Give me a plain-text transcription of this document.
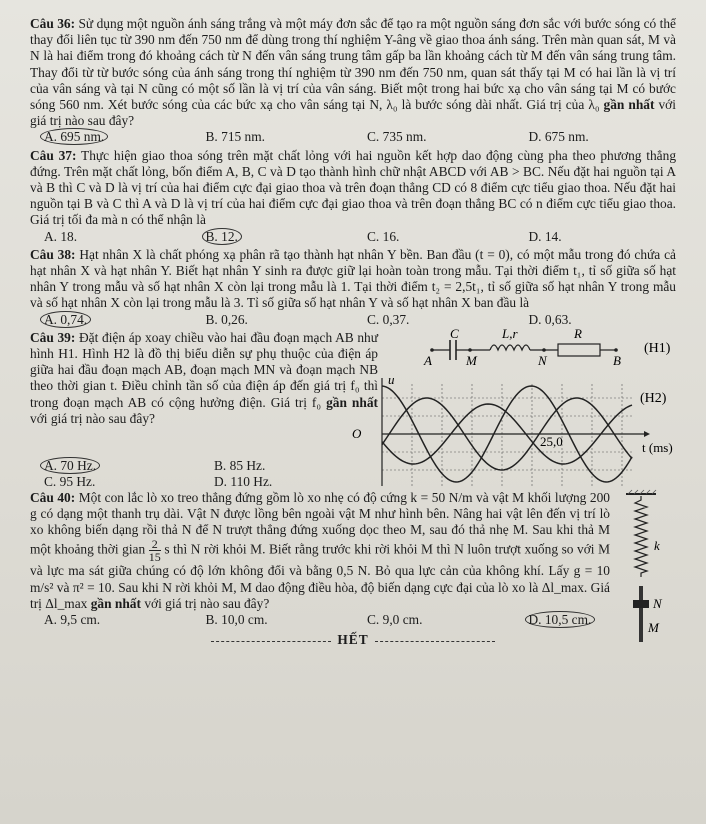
Câu 36: Sử dụng một nguồn ánh sáng trắng và một máy đơn sắc để tạo ra một nguồn sáng đơn sắc với bước sóng có thể thay đổi liên tục từ 390 nm đến 750 nm để dùng trong thí nghiệm Y-âng về giao thoa ánh sáng. Trên màn quan sát, M và N là hai điểm trong đó khoảng cách từ N đến vân sáng trung tâm gấp ba lần khoảng cách từ M đến vân sáng trung tâm. Thay đổi từ từ bước sóng của ánh sáng trong thí nghiệm từ 390 nm đến 750 nm, quan sát thấy tại M có hai lần là vị trí của vân sáng và tại N cũng có một số lần là vị trí của vân sáng. Biết một trong hai bức xạ cho vân sáng tại M có bước sóng 560 nm. Xét bước sóng của các bức xạ cho vân sáng tại N, λ₀ là bước sóng dài nhất. Giá trị của λ₀ gần nhất với giá trị nào sau đây?
A. 695 nm.	B. 715 nm.	C. 735 nm.	D. 675 nm.
Câu 37: Thực hiện giao thoa sóng trên mặt chất lỏng với hai nguồn kết hợp dao động cùng pha theo phương thẳng đứng. Trên mặt chất lỏng, bốn điểm A, B, C và D tạo thành hình chữ nhật ABCD với AB > BC. Nếu đặt hai nguồn tại A và B thì C và D là vị trí của hai điểm cực đại giao thoa và trên đoạn thẳng CD có 8 điểm cực tiểu giao thoa. Nếu đặt hai nguồn tại B và C thì A và D là vị trí của hai điểm cực đại giao thoa và trên đoạn thẳng BC có n điểm cực tiểu giao thoa. Giá trị tối đa mà n có thể nhận là
A. 18.	B. 12.	C. 16.	D. 14.
Câu 38: Hạt nhân X là chất phóng xạ phân rã tạo thành hạt nhân Y bền. Ban đầu (t = 0), có một mẫu trong đó chứa cả hạt nhân X và hạt nhân Y. Biết hạt nhân Y sinh ra được giữ lại hoàn toàn trong mẫu. Tại thời điểm t₁, tỉ số giữa số hạt nhân Y trong mẫu và số hạt nhân X còn lại trong mẫu là 1. Tại thời điểm t₂ = 2,5t₁, tỉ số giữa số hạt nhân Y trong mẫu và số hạt nhân X còn lại trong mẫu là 3. Tỉ số giữa số hạt nhân Y và số hạt nhân X ban đầu là
A. 0,74.	B. 0,26.	C. 0,37.	D. 0,63.
Câu 39: Đặt điện áp xoay chiều vào hai đầu đoạn mạch AB như hình H1. Hình H2 là đồ thị biểu diễn sự phụ thuộc của điện áp giữa hai đầu đoạn mạch AB, đoạn mạch MN và đoạn mạch NB theo thời gian t. Điều chỉnh tần số của điện áp đến giá trị f₀ thì trong đoạn mạch AB có cộng hưởng điện. Giá trị f₀ gần nhất với giá trị nào sau đây?
C	L,r	R
A	M	N	B
(H1)
u
O
25,0	t (ms)
(H2)
A. 70 Hz.	B. 85 Hz.
C. 95 Hz.	D. 110 Hz.
Câu 40: Một con lắc lò xo treo thẳng đứng gồm lò xo nhẹ có độ cứng k = 50 N/m và vật M khối lượng 200 g có dạng một thanh trụ dài. Vật N được lồng bên ngoài vật M như hình bên. Nâng hai vật lên đến vị trí lò xo không biến dạng rồi thả N để N trượt thẳng đứng xuống dọc theo M, sau đó thả nhẹ M. Sau khi thả M một khoảng thời gian $\frac{2}{15}$ s thì N rời khỏi M. Biết rằng trước khi rời khỏi M thì N luôn trượt xuống so với M và lực ma sát giữa chúng có độ lớn không đổi và bằng 0,5 N. Bỏ qua lực cản của không khí. Lấy g = 10 m/s² và π² = 10. Sau khi N rời khỏi M, M dao động điều hòa, độ biến dạng cực đại của lò xo là Δl_max. Giá trị Δl_max gần nhất với giá trị nào sau đây?
k
N
M
A. 9,5 cm.	B. 10,0 cm.	C. 9,0 cm.	D. 10,5 cm.
HẾT
